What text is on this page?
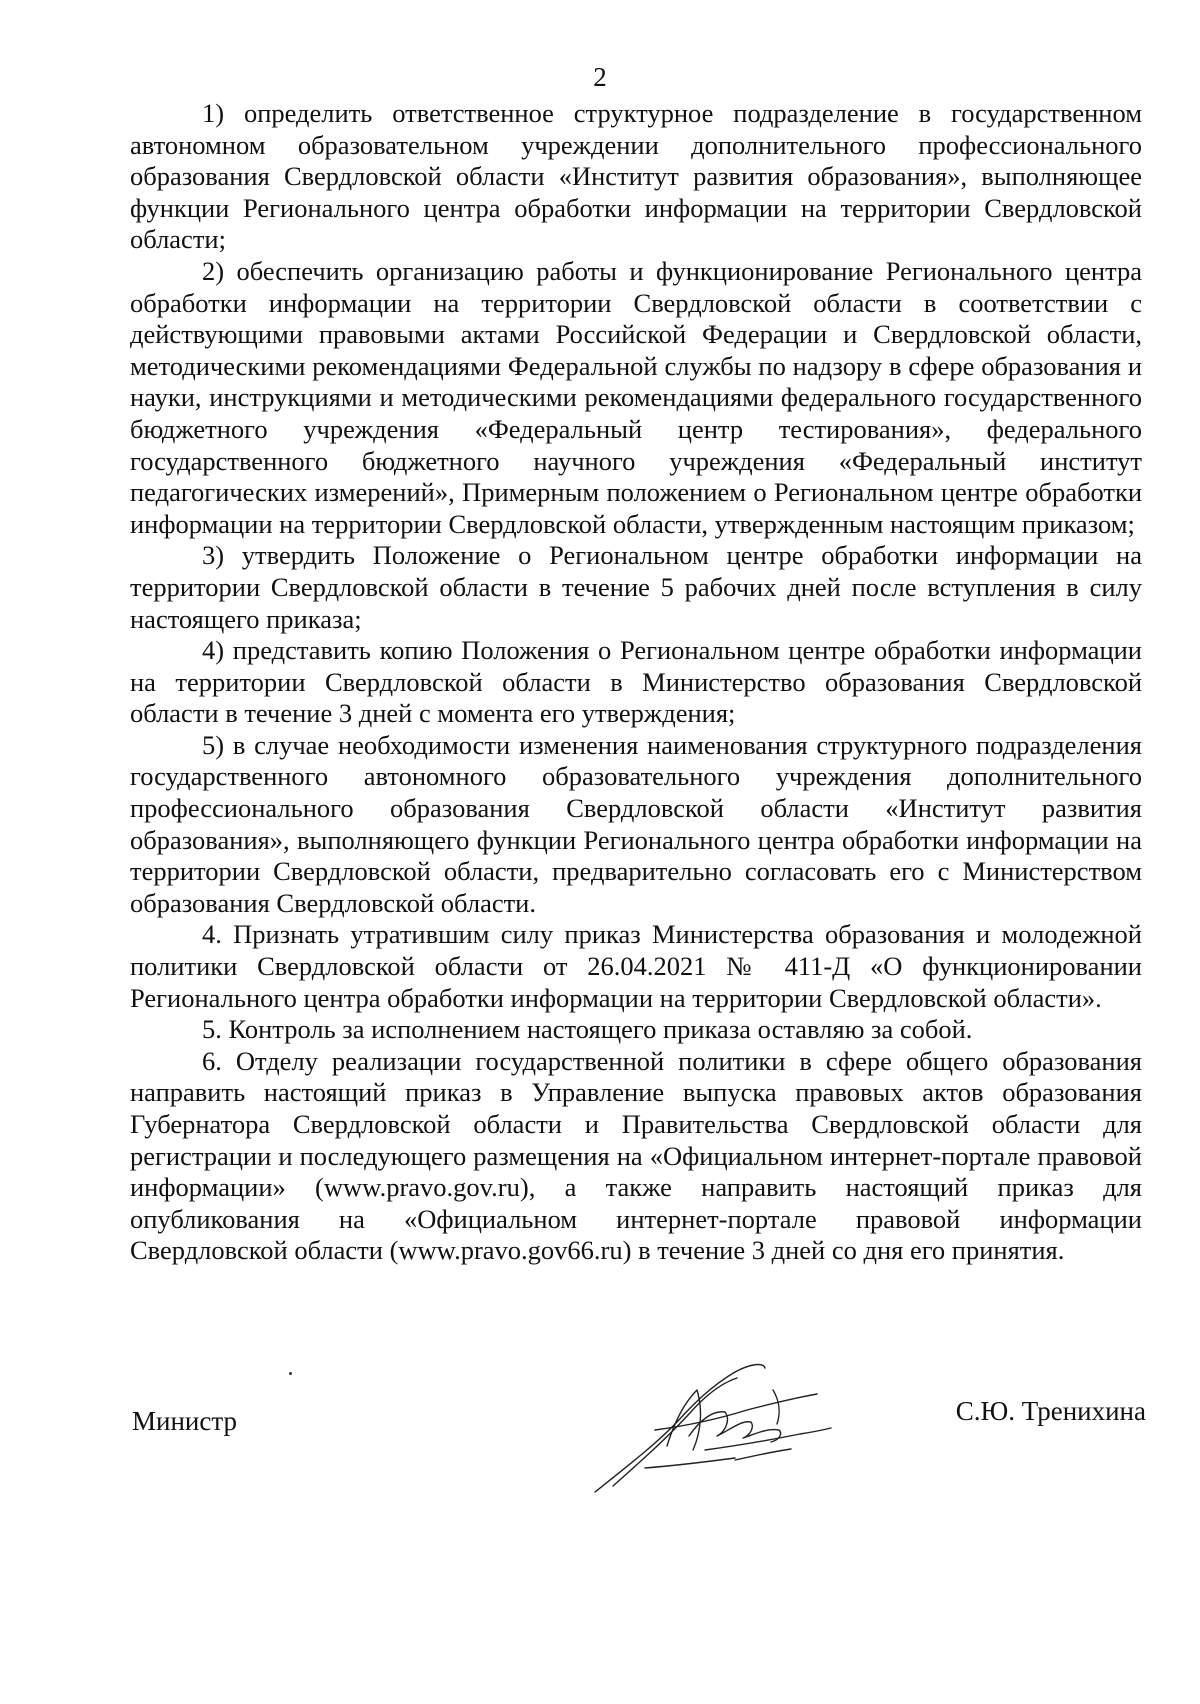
2

1) определить ответственное структурное подразделение в государственном автономном образовательном учреждении дополнительного профессионального образования Свердловской области «Институт развития образования», выполняющее функции Регионального центра обработки информации на территории Свердловской области;

2) обеспечить организацию работы и функционирование Регионального центра обработки информации на территории Свердловской области в соответствии с действующими правовыми актами Российской Федерации и Свердловской области, методическими рекомендациями Федеральной службы по надзору в сфере образования и науки, инструкциями и методическими рекомендациями федерального государственного бюджетного учреждения «Федеральный центр тестирования», федерального государственного бюджетного научного учреждения «Федеральный институт педагогических измерений», Примерным положением о Региональном центре обработки информации на территории Свердловской области, утвержденным настоящим приказом;

3) утвердить Положение о Региональном центре обработки информации на территории Свердловской области в течение 5 рабочих дней после вступления в силу настоящего приказа;

4) представить копию Положения о Региональном центре обработки информации на территории Свердловской области в Министерство образования Свердловской области в течение 3 дней с момента его утверждения;

5) в случае необходимости изменения наименования структурного подразделения государственного автономного образовательного учреждения дополнительного профессионального образования Свердловской области «Институт развития образования», выполняющего функции Регионального центра обработки информации на территории Свердловской области, предварительно согласовать его с Министерством образования Свердловской области.

4. Признать утратившим силу приказ Министерства образования и молодежной политики Свердловской области от 26.04.2021 № 411-Д «О функционировании Регионального центра обработки информации на территории Свердловской области».

5. Контроль за исполнением настоящего приказа оставляю за собой.

6. Отделу реализации государственной политики в сфере общего образования направить настоящий приказ в Управление выпуска правовых актов образования Губернатора Свердловской области и Правительства Свердловской области для регистрации и последующего размещения на «Официальном интернет-портале правовой информации» (www.pravo.gov.ru), а также направить настоящий приказ для опубликования на «Официальном интернет-портале правовой информации Свердловской области (www.pravo.gov66.ru) в течение 3 дней со дня его принятия.

Министр	С.Ю. Тренихина
